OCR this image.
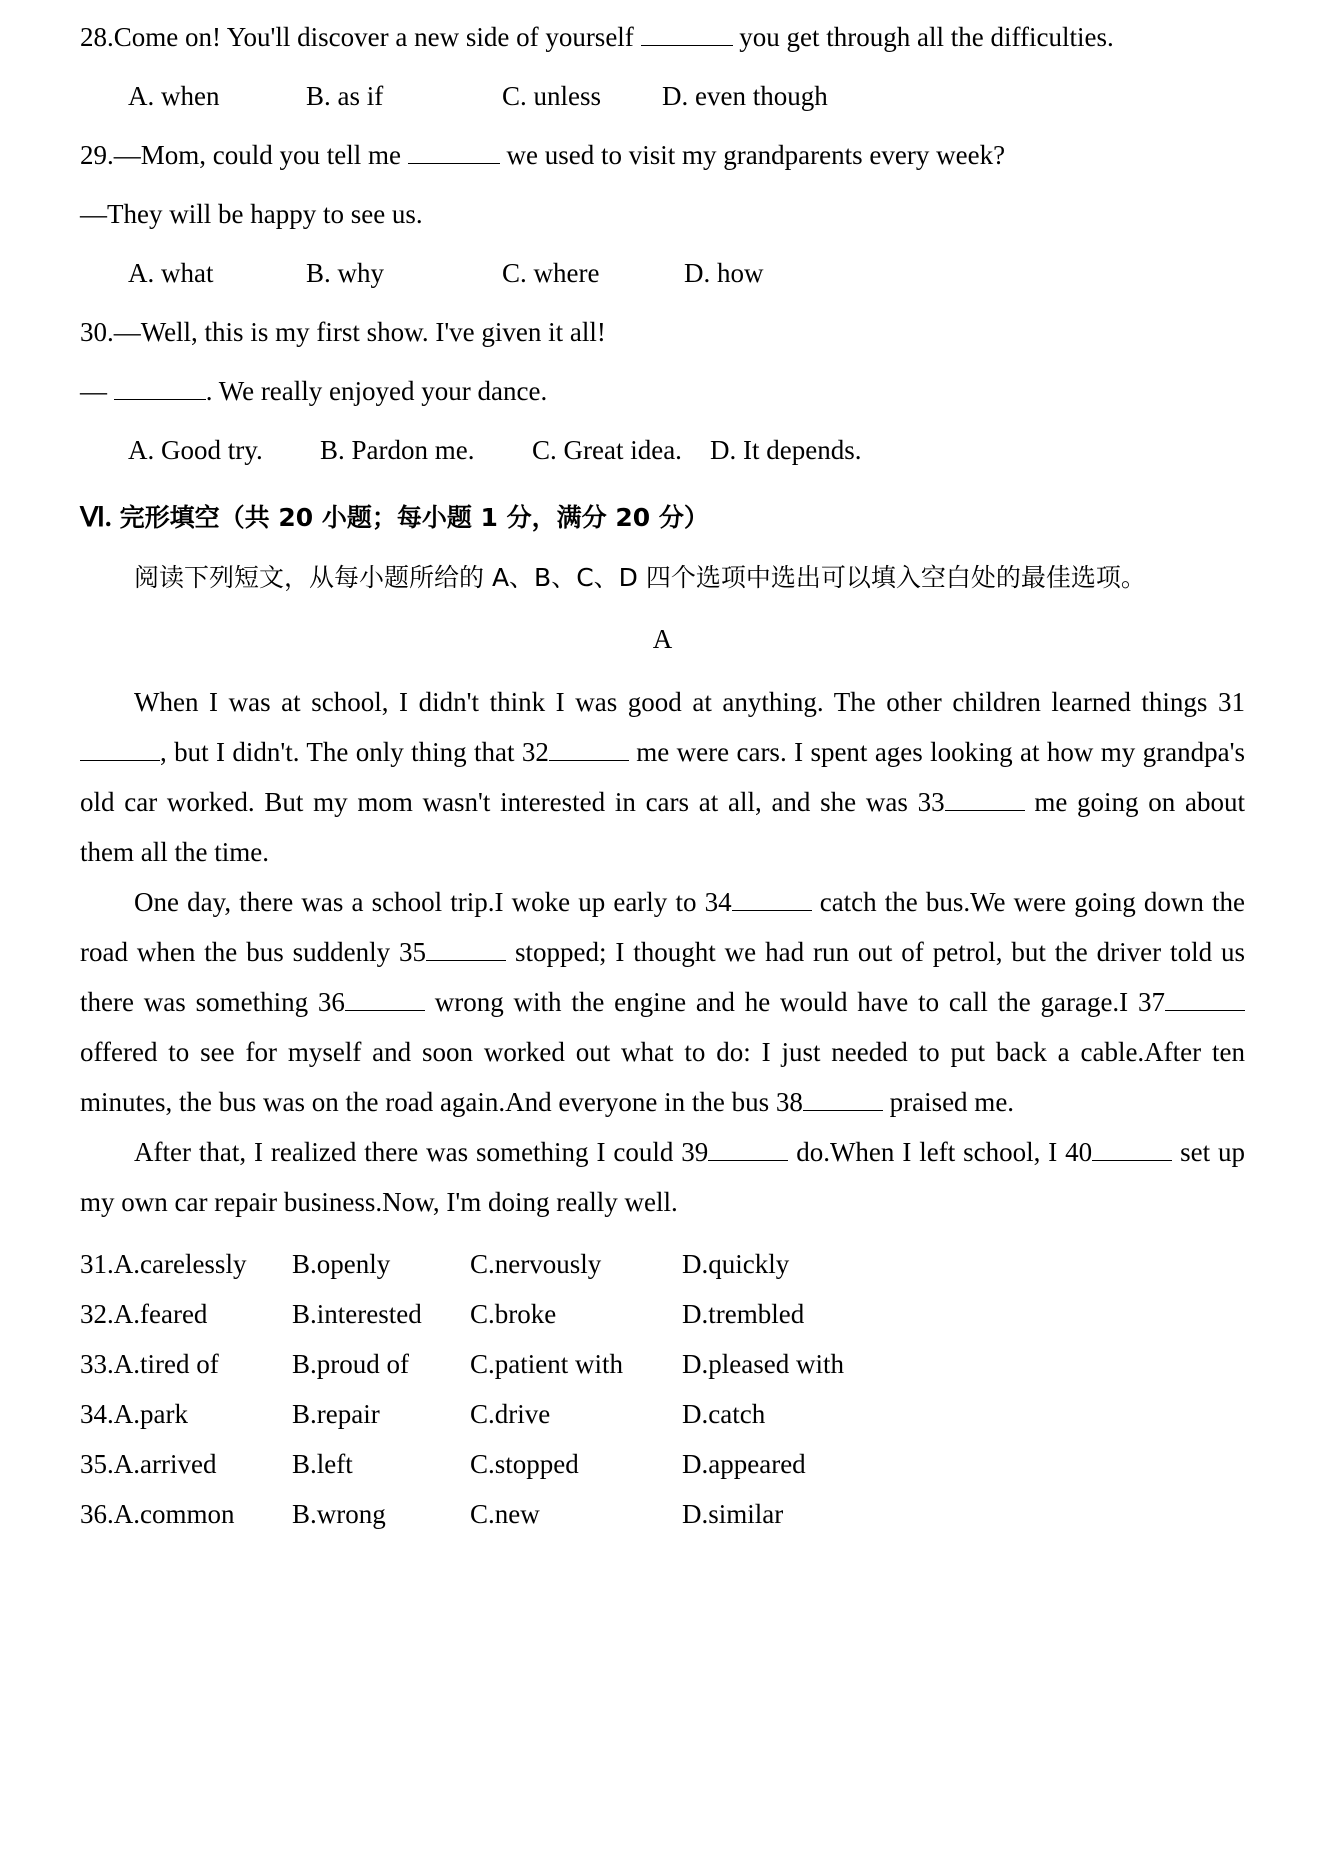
28.Come on! You'll discover a new side of yourself	you get through all the difficulties.
A. when	B. as if	C. unless D. even though
29.—Mom, could you tell me	we used to visit my grandparents every week?
—They will be happy to see us.
A. what	B. why	C. where	D. how
30.—Well, this is my first show. I've given it all!
—	. We really enjoyed your dance.
A. Good try. B. Pardon me. C. Great idea. D. It depends.
Ⅵ. 完形填空（共 20 小题；每小题 1 分，满分 20 分）
阅读下列短文，从每小题所给的 A、B、C、D 四个选项中选出可以填入空白处的最佳选项。
A
When I was at school, I didn't think I was good at anything. The other children learned things 31, but I didn't. The only thing that 32	me were cars. I spent ages looking at how my grandpa's old car worked. But my mom wasn't interested in cars at all, and she was 33	me going on about them all the time.
One day, there was a school trip.I woke up early to 34	catch the bus.We were going down the road when the bus suddenly 35	stopped; I thought we had run out of petrol, but the driver told us there was something 36	wrong with the engine and he would have to call the garage.I 37 offered to see for myself and soon worked out what to do: I just needed to put back a cable.After ten minutes, the bus was on the road again.And everyone in the bus 38	praised me.
After that, I realized there was something I could 39	do.When I left school, I 40	set up my own car repair business.Now, I'm doing really well.
31.A.carelessly B.openly	C.nervously	D.quickly
32.A.feared	B.interested C.broke	D.trembled
33.A.tired of	B.proud of C.patient with D.pleased with
34.A.park	B.repair	C.drive	D.catch
35.A.arrived	B.left	C.stopped	D.appeared
36.A.common B.wrong	C.new	D.similar
